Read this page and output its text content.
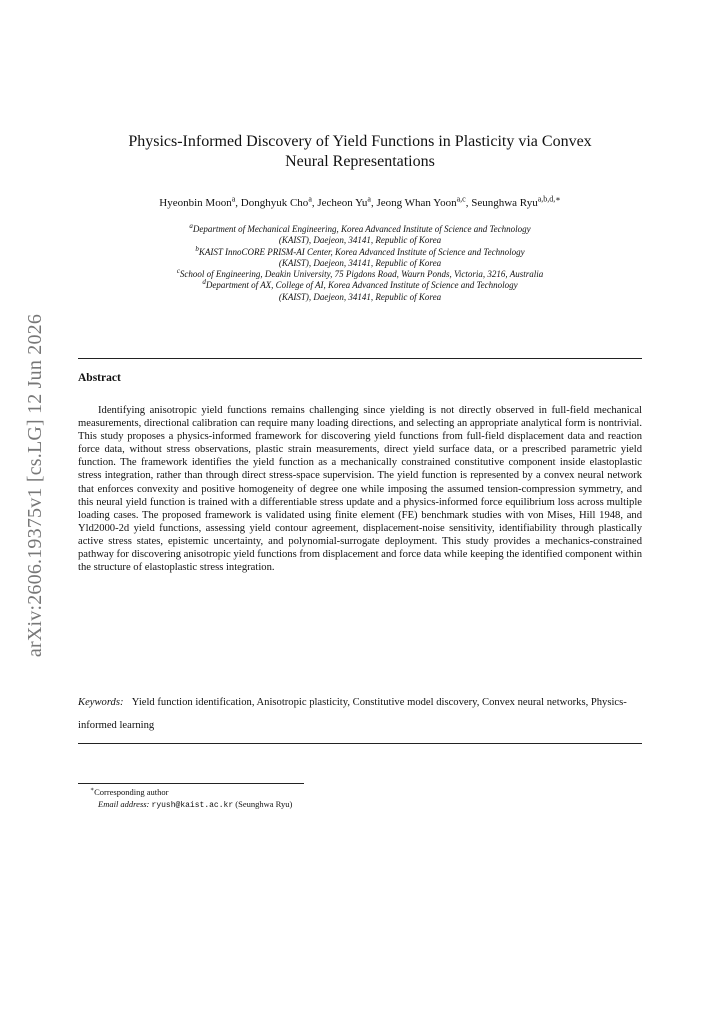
arXiv:2606.19375v1 [cs.LG] 12 Jun 2026
Physics-Informed Discovery of Yield Functions in Plasticity via Convex
Neural Representations
Hyeonbin Moon$^a$, Donghyuk Cho$^a$, Jecheon Yu$^a$, Jeong Whan Yoon$^{a,c}$, Seunghwa Ryu$^{a,b,d,∗}$
$^a$Department of Mechanical Engineering, Korea Advanced Institute of Science and Technology
(KAIST), Daejeon, 34141, Republic of Korea
$^b$KAIST InnoCORE PRISM-AI Center, Korea Advanced Institute of Science and Technology
(KAIST), Daejeon, 34141, Republic of Korea
$^c$School of Engineering, Deakin University, 75 Pigdons Road, Waurn Ponds, Victoria, 3216, Australia
$^d$Department of AX, College of AI, Korea Advanced Institute of Science and Technology
(KAIST), Daejeon, 34141, Republic of Korea
Abstract

Identifying anisotropic yield functions remains challenging since yielding is not directly observed in full-field mechanical measurements, directional calibration can require many loading directions, and selecting an appropriate analytical form is nontrivial. This study proposes a physics-informed framework for discovering yield functions from full-field displacement data and reaction force data, without stress observations, plastic strain measurements, direct yield surface data, or a prescribed parametric yield function. The framework identifies the yield function as a mechanically constrained constitutive component inside elastoplastic stress integration, rather than through direct stress-space supervision. The yield function is represented by a convex neural network that enforces convexity and positive homogeneity of degree one while imposing the assumed tension-compression symmetry, and this neural yield function is trained with a differentiable stress update and a physics-informed force equilibrium loss across multiple loading cases. The proposed framework is validated using finite element (FE) benchmark studies with von Mises, Hill 1948, and Yld2000-2d yield functions, assessing yield contour agreement, displacement-noise sensitivity, identifiability through plastically active stress states, epistemic uncertainty, and polynomial-surrogate deployment. This study provides a mechanics-constrained pathway for discovering anisotropic yield functions from displacement and force data while keeping the identified component within the structure of elastoplastic stress integration.

Keywords: Yield function identification, Anisotropic plasticity, Constitutive model discovery, Convex neural networks, Physics-informed learning

∗Corresponding author
Email address: ryush@kaist.ac.kr (Seunghwa Ryu)
